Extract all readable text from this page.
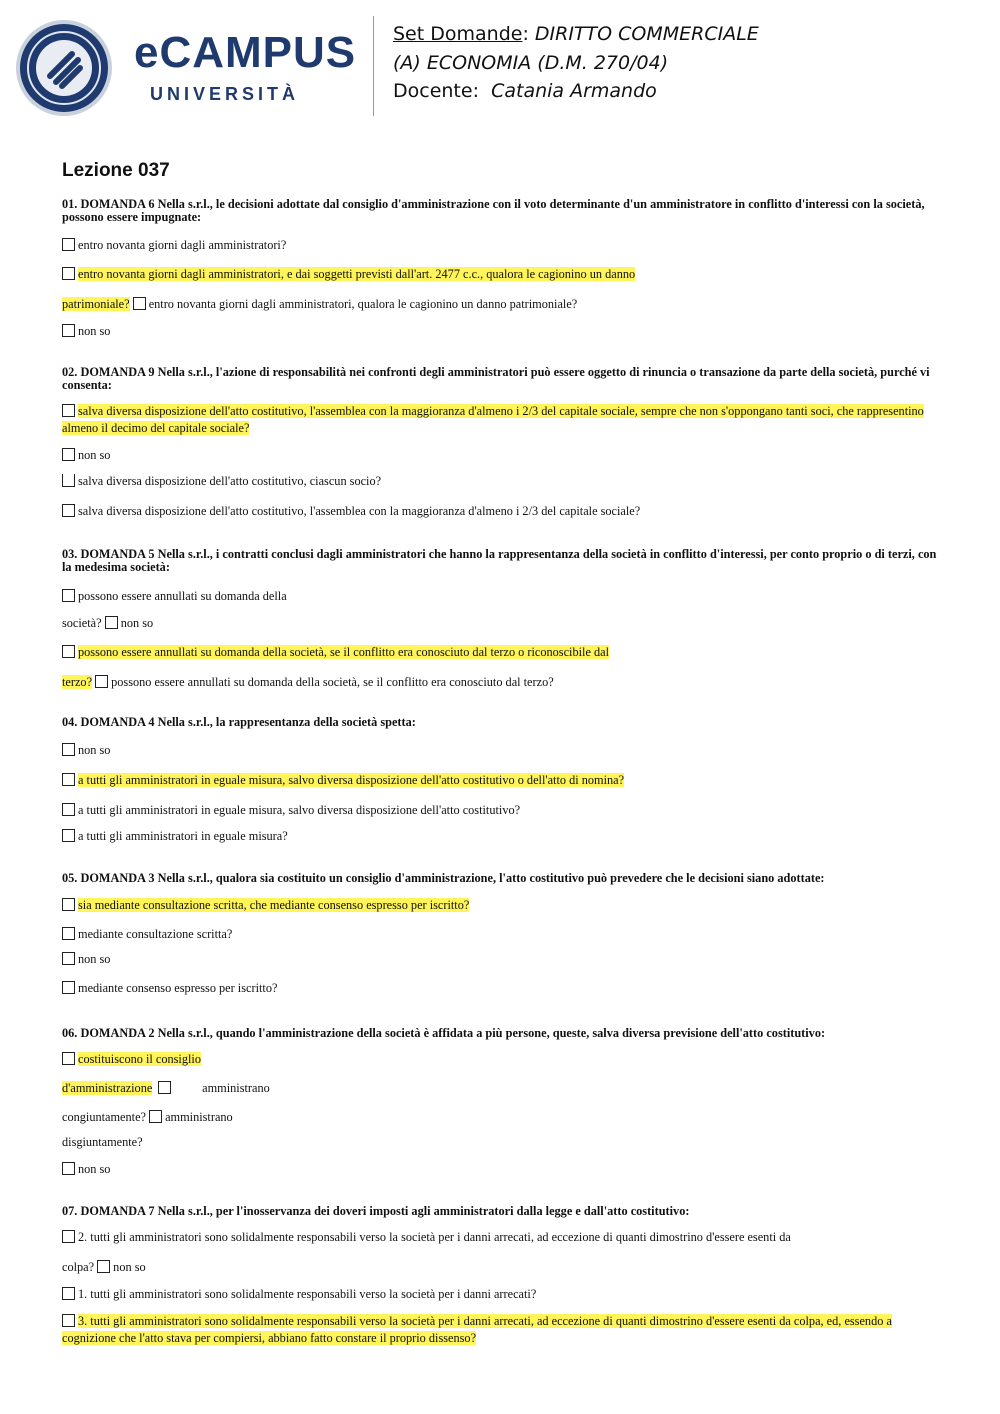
eCAMPUS
UNIVERSITÀ
Set Domande: DIRITTO COMMERCIALE
(A) ECONOMIA (D.M. 270/04)
Docente: Catania Armando
Lezione 037
01. DOMANDA 6 Nella s.r.l., le decisioni adottate dal consiglio d'amministrazione con il voto determinante d'un amministratore in conflitto d'interessi con la società, possono essere impugnate:
entro novanta giorni dagli amministratori?
entro novanta giorni dagli amministratori, e dai soggetti previsti dall'art. 2477 c.c., qualora le cagionino un danno
patrimoniale? entro novanta giorni dagli amministratori, qualora le cagionino un danno patrimoniale?
non so
02. DOMANDA 9 Nella s.r.l., l'azione di responsabilità nei confronti degli amministratori può essere oggetto di rinuncia o transazione da parte della società, purché vi consenta:
salva diversa disposizione dell'atto costitutivo, l'assemblea con la maggioranza d'almeno i 2/3 del capitale sociale, sempre che non s'oppongano tanti soci, che rappresentino almeno il decimo del capitale sociale?
non so
salva diversa disposizione dell'atto costitutivo, ciascun socio?
salva diversa disposizione dell'atto costitutivo, l'assemblea con la maggioranza d'almeno i 2/3 del capitale sociale?
03. DOMANDA 5 Nella s.r.l., i contratti conclusi dagli amministratori che hanno la rappresentanza della società in conflitto d'interessi, per conto proprio o di terzi, con la medesima società:
possono essere annullati su domanda della
società? non so
possono essere annullati su domanda della società, se il conflitto era conosciuto dal terzo o riconoscibile dal
terzo? possono essere annullati su domanda della società, se il conflitto era conosciuto dal terzo?
04. DOMANDA 4 Nella s.r.l., la rappresentanza della società spetta:
non so
a tutti gli amministratori in eguale misura, salvo diversa disposizione dell'atto costitutivo o dell'atto di nomina?
a tutti gli amministratori in eguale misura, salvo diversa disposizione dell'atto costitutivo?
a tutti gli amministratori in eguale misura?
05. DOMANDA 3 Nella s.r.l., qualora sia costituito un consiglio d'amministrazione, l'atto costitutivo può prevedere che le decisioni siano adottate:
sia mediante consultazione scritta, che mediante consenso espresso per iscritto?
mediante consultazione scritta?
non so
mediante consenso espresso per iscritto?
06. DOMANDA 2 Nella s.r.l., quando l'amministrazione della società è affidata a più persone, queste, salva diversa previsione dell'atto costitutivo:
costituiscono il consiglio
d'amministrazione	amministrano
congiuntamente? amministrano
disgiuntamente?
non so
07. DOMANDA 7 Nella s.r.l., per l'inosservanza dei doveri imposti agli amministratori dalla legge e dall'atto costitutivo:
2. tutti gli amministratori sono solidalmente responsabili verso la società per i danni arrecati, ad eccezione di quanti dimostrino d'essere esenti da
colpa? non so
1. tutti gli amministratori sono solidalmente responsabili verso la società per i danni arrecati?
3. tutti gli amministratori sono solidalmente responsabili verso la società per i danni arrecati, ad eccezione di quanti dimostrino d'essere esenti da colpa, ed, essendo a cognizione che l'atto stava per compiersi, abbiano fatto constare il proprio dissenso?
